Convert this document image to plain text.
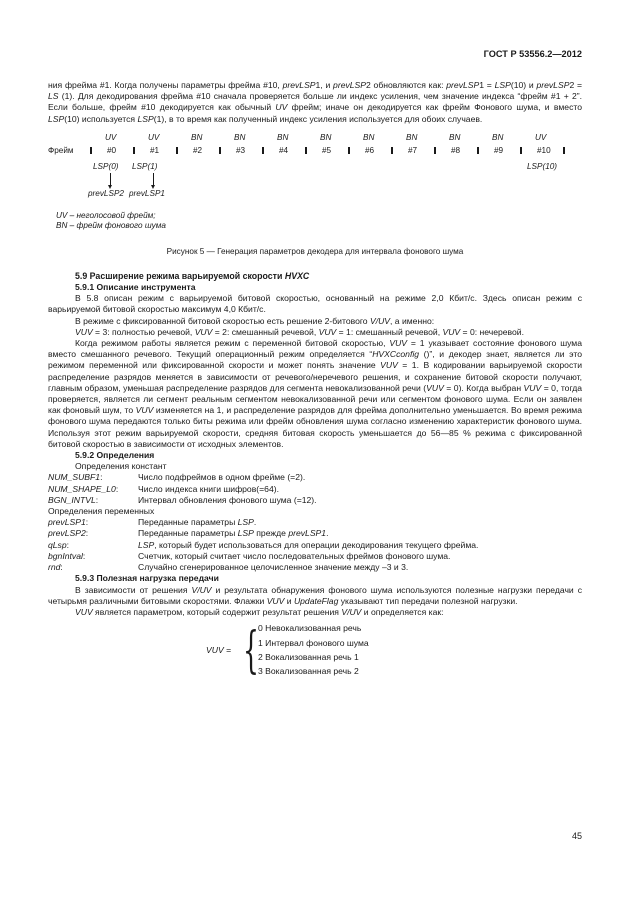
ГОСТ Р 53556.2—2012
ния фрейма #1. Когда получены параметры фрейма #10, prevLSP1, и prevLSP2 обновляются как: prevLSP1 = LSP(10) и prevLSP2 = LS (1). Для декодирования фрейма #10 сначала проверяется больше ли индекс усиления, чем значение индекса “фрейм #1 + 2”. Если больше, фрейм #10 декодируется как обычный UV фрейм; иначе он декодируется как фрейм Фонового шума, и вместо LSP(10) используется LSP(1), в то время как полученный индекс усиления используется для обоих случаев.
Фрейм
UV
#0
UV
#1
BN
#2
BN
#3
BN
#4
BN
#5
BN
#6
BN
#7
BN
#8
BN
#9
UV
#10
LSP(0) LSP(1)	LSP(10)
prevLSP2 prevLSP1
UV – неголосовой фрейм;
BN – фрейм фонового шума
Рисунок 5 — Генерация параметров декодера для интервала фонового шума
5.9 Расширение режима варьируемой скорости HVXC
5.9.1 Описание инструмента
В 5.8 описан режим с варьируемой битовой скоростью, основанный на режиме 2,0 Кбит/с. Здесь описан режим с варьируемой битовой скоростью максимум 4,0 Кбит/с.
В режиме с фиксированной битовой скоростью есть решение 2-битового V/UV, а именно:
VUV = 3: полностью речевой, VUV = 2: смешанный речевой, VUV = 1: смешанный речевой, VUV = 0: нечеревой.
Когда режимом работы является режим с переменной битовой скоростью, VUV = 1 указывает состояние фонового шума вместо смешанного речевого. Текущий операционный режим определяется “HVXCconfig ()”, и декодер знает, является ли это режимом переменной или фиксированной скорости и может понять значение VUV = 1. В кодировании варьируемой скорости распределение разрядов меняется в зависимости от речевого/неречевого решения, и сохранение битовой скорости получают, главным образом, уменьшая распределение разрядов для сегмента невокализованной речи (VUV = 0). Когда выбран VUV = 0, тогда проверяется, является ли сегмент реальным сегментом невокализованной речи или сегментом фонового шума. Если он заявлен как фоновый шум, то VUV изменяется на 1, и распределение разрядов для фрейма дополнительно уменьшается. Во время режима фонового шума передаются только биты режима или фрейм обновления шума согласно изменению характеристик фонового шума. Используя этот режим варьируемой скорости, средняя битовая скорость уменьшается до 56—85 % режима с фиксированной битовой скоростью в зависимости от исходных элементов.
5.9.2 Определения
Определения констант
NUM_SUBF1:	Число подфреймов в одном фрейме (=2).
NUM_SHAPE_L0:	Число индекса книги шифров(=64).
BGN_INTVL:	Интервал обновления фонового шума (=12).
Определения переменных
prevLSP1:	Переданные параметры LSP.
prevLSP2:	Переданные параметры LSP прежде prevLSP1.
qLsp:	LSP, который будет использоваться для операции декодирования текущего фрейма.
bgnIntval:	Счетчик, который считает число последовательных фреймов фонового шума.
rnd:	Случайно сгенерированное целочисленное значение между –3 и 3.
5.9.3 Полезная нагрузка передачи
В зависимости от решения V/UV и результата обнаружения фонового шума используются полезные нагрузки передачи с четырьмя различными битовыми скоростями. Флажки VUV и UpdateFlag указывают тип передачи полезной нагрузки.
VUV является параметром, который содержит результат решения V/UV и определяется как:
VUV = { 0 Невокализованная речь
1 Интервал фонового шума
2 Вокализованная речь 1
3 Вокализованная речь 2
45
